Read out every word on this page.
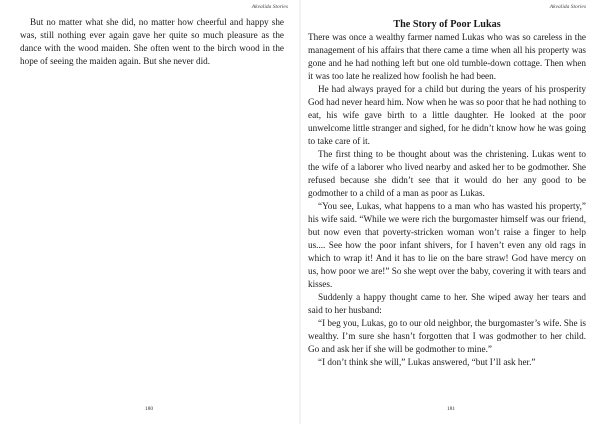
Akvalida Stories

But no matter what she did, no matter how cheerful and happy she was, still nothing ever again gave her quite so much pleasure as the dance with the wood maiden. She often went to the birch wood in the hope of seeing the maiden again. But she never did.

180
Akvalida Stories
The Story of Poor Lukas

There was once a wealthy farmer named Lukas who was so careless in the management of his affairs that there came a time when all his property was gone and he had nothing left but one old tumble-down cottage. Then when it was too late he realized how foolish he had been.

He had always prayed for a child but during the years of his prosperity God had never heard him. Now when he was so poor that he had nothing to eat, his wife gave birth to a little daughter. He looked at the poor unwelcome little stranger and sighed, for he didn’t know how he was going to take care of it.

The first thing to be thought about was the christening. Lukas went to the wife of a laborer who lived nearby and asked her to be godmother. She refused because she didn’t see that it would do her any good to be godmother to a child of a man as poor as Lukas.

“You see, Lukas, what happens to a man who has wasted his property,” his wife said. “While we were rich the burgomaster himself was our friend, but now even that poverty-stricken woman won’t raise a finger to help us.... See how the poor infant shivers, for I haven’t even any old rags in which to wrap it! And it has to lie on the bare straw! God have mercy on us, how poor we are!” So she wept over the baby, covering it with tears and kisses.

Suddenly a happy thought came to her. She wiped away her tears and said to her husband:

“I beg you, Lukas, go to our old neighbor, the burgomaster’s wife. She is wealthy. I’m sure she hasn’t forgotten that I was godmother to her child. Go and ask her if she will be godmother to mine.”

“I don’t think she will,” Lukas answered, “but I’ll ask her.”

181
